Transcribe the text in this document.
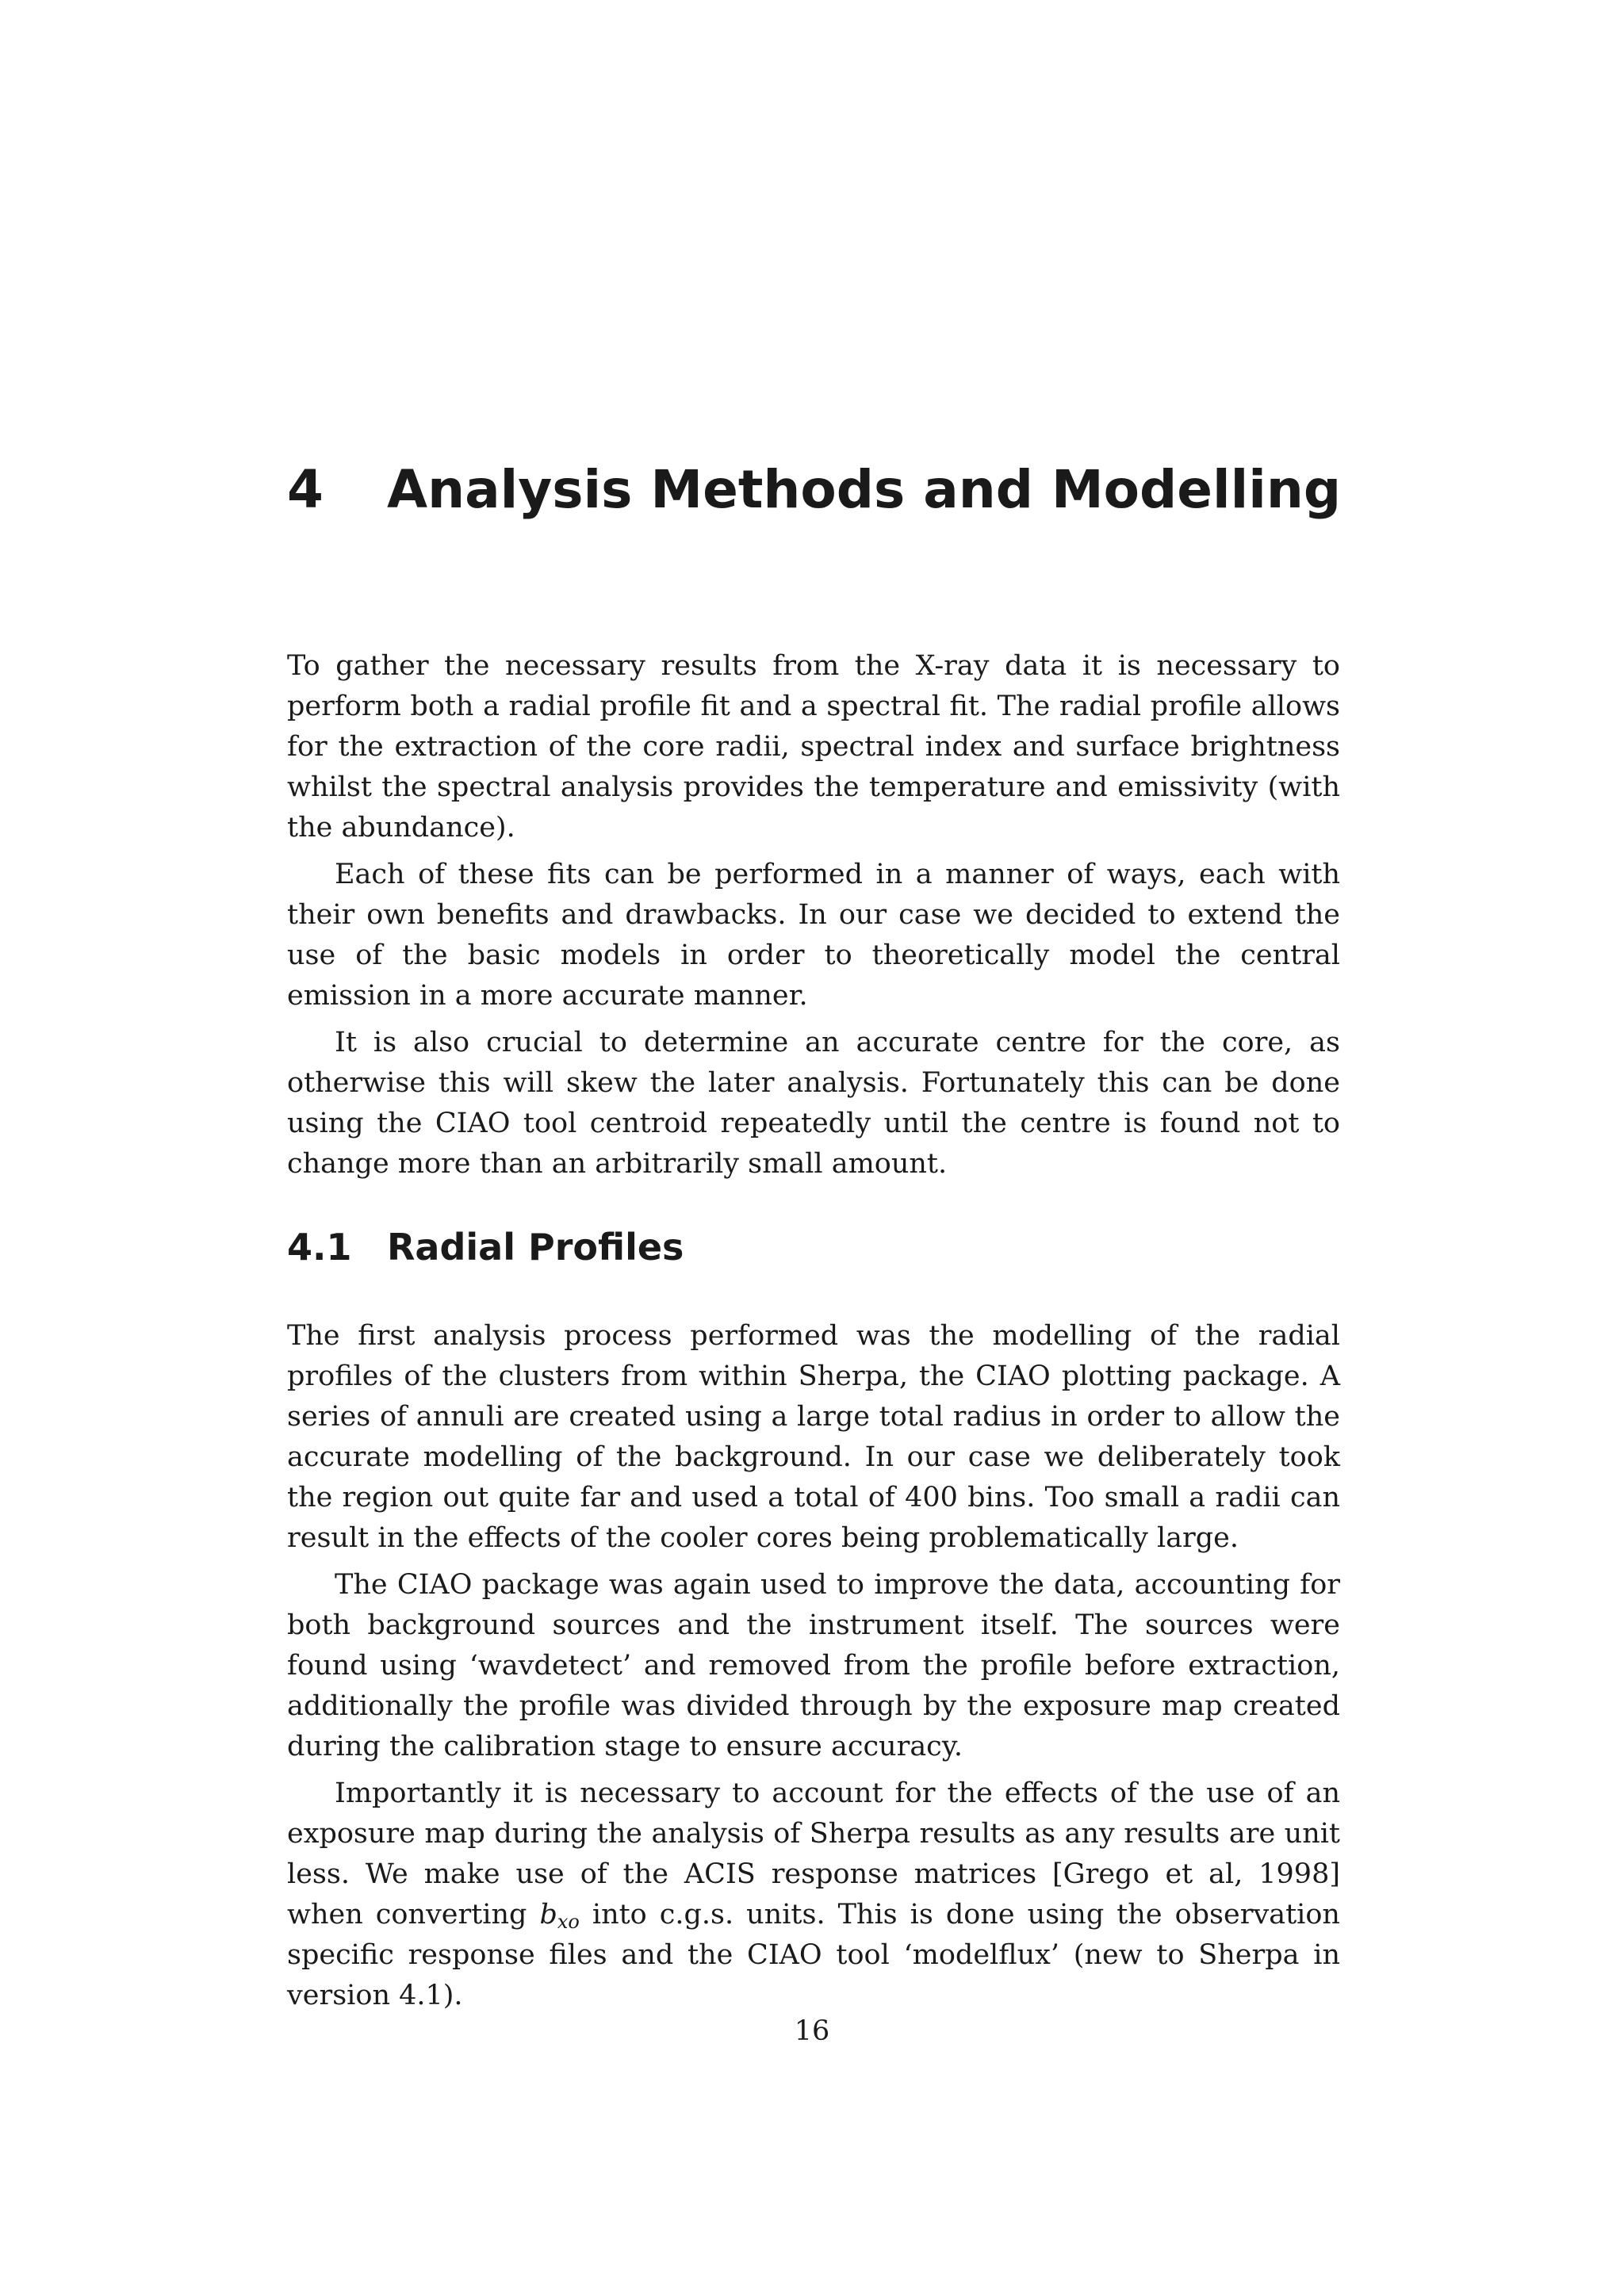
4 Analysis Methods and Modelling

To gather the necessary results from the X-ray data it is necessary to perform both a radial profile fit and a spectral fit. The radial profile allows for the extraction of the core radii, spectral index and surface brightness whilst the spectral analysis provides the temperature and emissivity (with the abundance).

Each of these fits can be performed in a manner of ways, each with their own benefits and drawbacks. In our case we decided to extend the use of the basic models in order to theoretically model the central emission in a more accurate manner.

It is also crucial to determine an accurate centre for the core, as otherwise this will skew the later analysis. Fortunately this can be done using the CIAO tool centroid repeatedly until the centre is found not to change more than an arbitrarily small amount.

4.1 Radial Profiles

The first analysis process performed was the modelling of the radial profiles of the clusters from within Sherpa, the CIAO plotting package. A series of annuli are created using a large total radius in order to allow the accurate modelling of the background. In our case we deliberately took the region out quite far and used a total of 400 bins. Too small a radii can result in the effects of the cooler cores being problematically large.

The CIAO package was again used to improve the data, accounting for both background sources and the instrument itself. The sources were found using ‘wavdetect’ and removed from the profile before extraction, additionally the profile was divided through by the exposure map created during the calibration stage to ensure accuracy.

Importantly it is necessary to account for the effects of the use of an exposure map during the analysis of Sherpa results as any results are unit less. We make use of the ACIS response matrices [Grego et al, 1998] when converting $b_{xo}$ into c.g.s. units. This is done using the observation specific response files and the CIAO tool ‘modelflux’ (new to Sherpa in version 4.1).

16
